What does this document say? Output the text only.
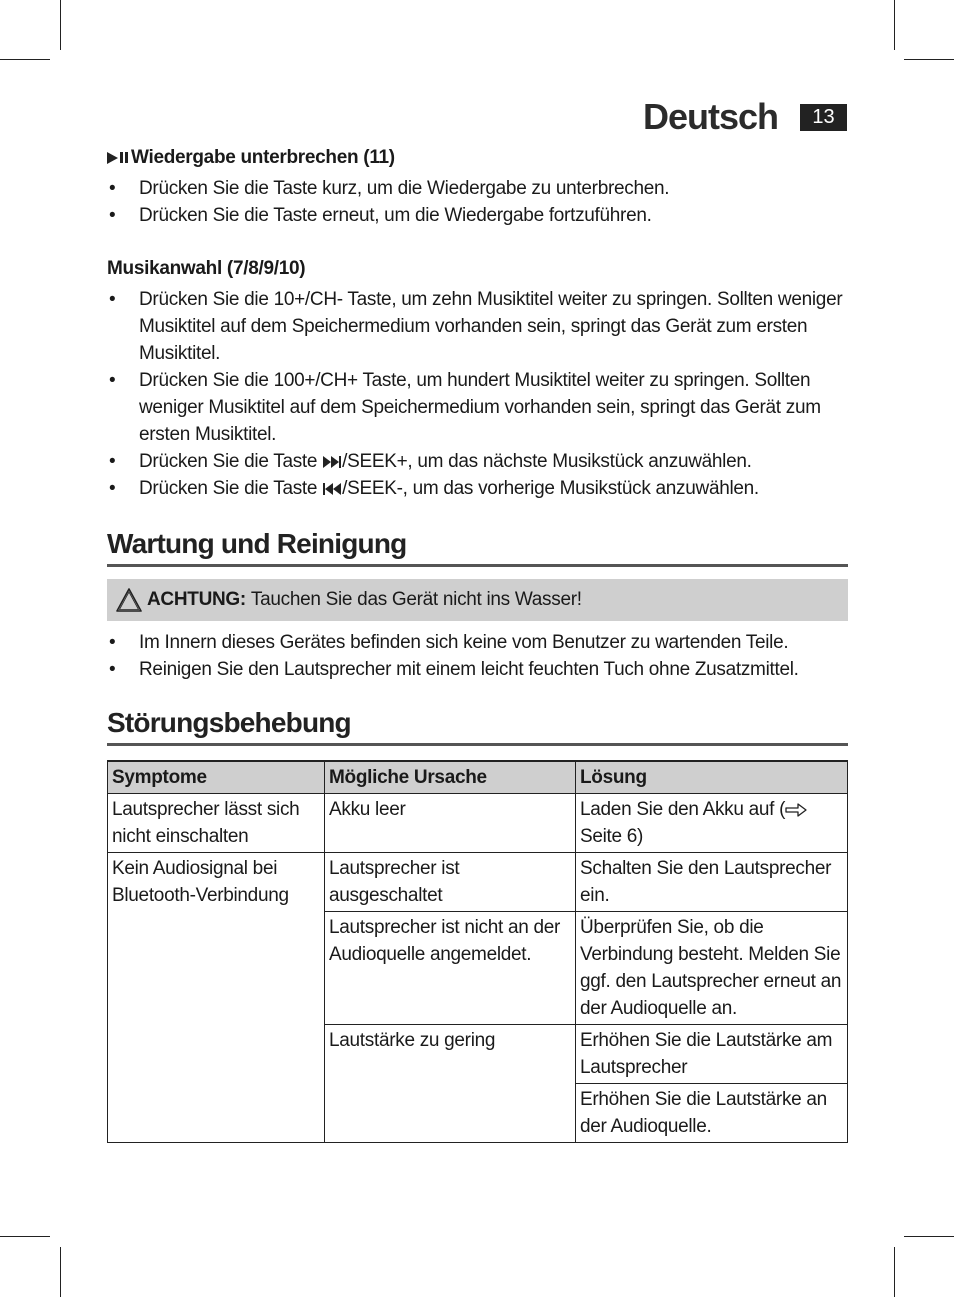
Deutsch	13
Wiedergabe unterbrechen (11)
• Drücken Sie die Taste kurz, um die Wiedergabe zu unterbrechen.
• Drücken Sie die Taste erneut, um die Wiedergabe fortzuführen.
Musikanwahl (7/8/9/10)
• Drücken Sie die 10+/CH- Taste, um zehn Musiktitel weiter zu springen. Sollten weniger Musiktitel auf dem Speichermedium vorhanden sein, springt das Gerät zum ersten Musiktitel.
• Drücken Sie die 100+/CH+ Taste, um hundert Musiktitel weiter zu springen. Sollten weniger Musiktitel auf dem Speichermedium vorhanden sein, springt das Gerät zum ersten Musiktitel.
• Drücken Sie die Taste /SEEK+, um das nächste Musikstück anzuwählen.
• Drücken Sie die Taste /SEEK-, um das vorherige Musikstück anzuwählen.
Wartung und Reinigung
ACHTUNG: Tauchen Sie das Gerät nicht ins Wasser!
• Im Innern dieses Gerätes befinden sich keine vom Benutzer zu wartenden Teile.
• Reinigen Sie den Lautsprecher mit einem leicht feuchten Tuch ohne Zusatzmittel.
Störungsbehebung
Symptome	Mögliche Ursache	Lösung
Lautsprecher lässt sich nicht einschalten	Akku leer	Laden Sie den Akku auf (
Seite 6)
Kein Audiosignal bei Bluetooth-Verbindung	Lautsprecher ist ausgeschaltet	Schalten Sie den Lautsprecher ein.
	Lautsprecher ist nicht an der Audioquelle angemeldet.	Überprüfen Sie, ob die Verbindung besteht. Melden Sie ggf. den Lautsprecher erneut an der Audioquelle an.
	Lautstärke zu gering	Erhöhen Sie die Lautstärke am Lautsprecher
		Erhöhen Sie die Lautstärke an der Audioquelle.
